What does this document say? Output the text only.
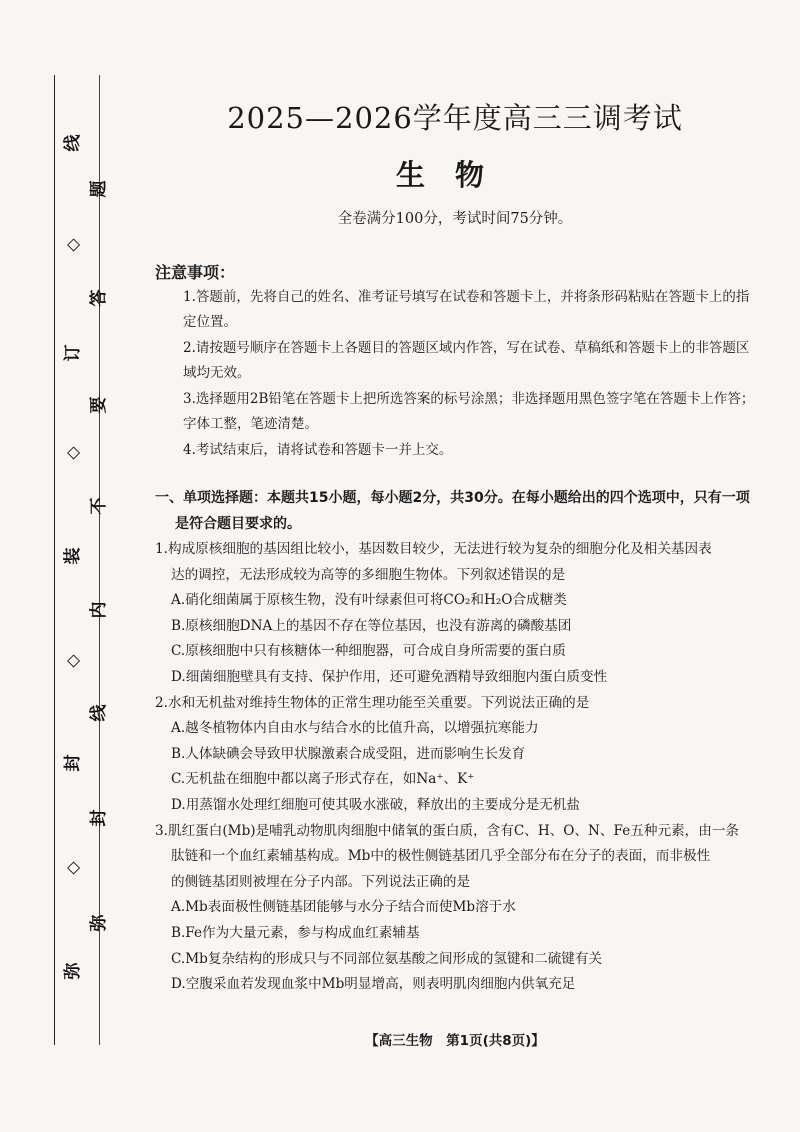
线
◇
订
◇
装
◇
封
◇
弥
题
答
要
不
内
线
封
弥
2025—2026学年度高三三调考试
生物
全卷满分100分，考试时间75分钟。
注意事项：

1.答题前，先将自己的姓名、准考证号填写在试卷和答题卡上，并将条形码粘贴在答题卡上的指定位置。

2.请按题号顺序在答题卡上各题目的答题区域内作答，写在试卷、草稿纸和答题卡上的非答题区域均无效。

3.选择题用2B铅笔在答题卡上把所选答案的标号涂黑；非选择题用黑色签字笔在答题卡上作答；字体工整，笔迹清楚。

4.考试结束后，请将试卷和答题卡一并上交。

一、单项选择题：本题共15小题，每小题2分，共30分。在每小题给出的四个选项中，只有一项
是符合题目要求的。

1.构成原核细胞的基因组比较小，基因数目较少，无法进行较为复杂的细胞分化及相关基因表
达的调控，无法形成较为高等的多细胞生物体。下列叙述错误的是

A.硝化细菌属于原核生物，没有叶绿素但可将CO₂和H₂O合成糖类

B.原核细胞DNA上的基因不存在等位基因，也没有游离的磷酸基团

C.原核细胞中只有核糖体一种细胞器，可合成自身所需要的蛋白质

D.细菌细胞壁具有支持、保护作用，还可避免酒精导致细胞内蛋白质变性

2.水和无机盐对维持生物体的正常生理功能至关重要。下列说法正确的是

A.越冬植物体内自由水与结合水的比值升高，以增强抗寒能力

B.人体缺碘会导致甲状腺激素合成受阻，进而影响生长发育

C.无机盐在细胞中都以离子形式存在，如Na⁺、K⁺

D.用蒸馏水处理红细胞可使其吸水涨破，释放出的主要成分是无机盐

3.肌红蛋白(Mb)是哺乳动物肌肉细胞中储氧的蛋白质，含有C、H、O、N、Fe五种元素，由一条
肽链和一个血红素辅基构成。Mb中的极性侧链基团几乎全部分布在分子的表面，而非极性
的侧链基团则被埋在分子内部。下列说法正确的是

A.Mb表面极性侧链基团能够与水分子结合而使Mb溶于水

B.Fe作为大量元素，参与构成血红素辅基

C.Mb复杂结构的形成只与不同部位氨基酸之间形成的氢键和二硫键有关

D.空腹采血若发现血浆中Mb明显增高，则表明肌肉细胞内供氧充足

【高三生物　第1页(共8页)】
